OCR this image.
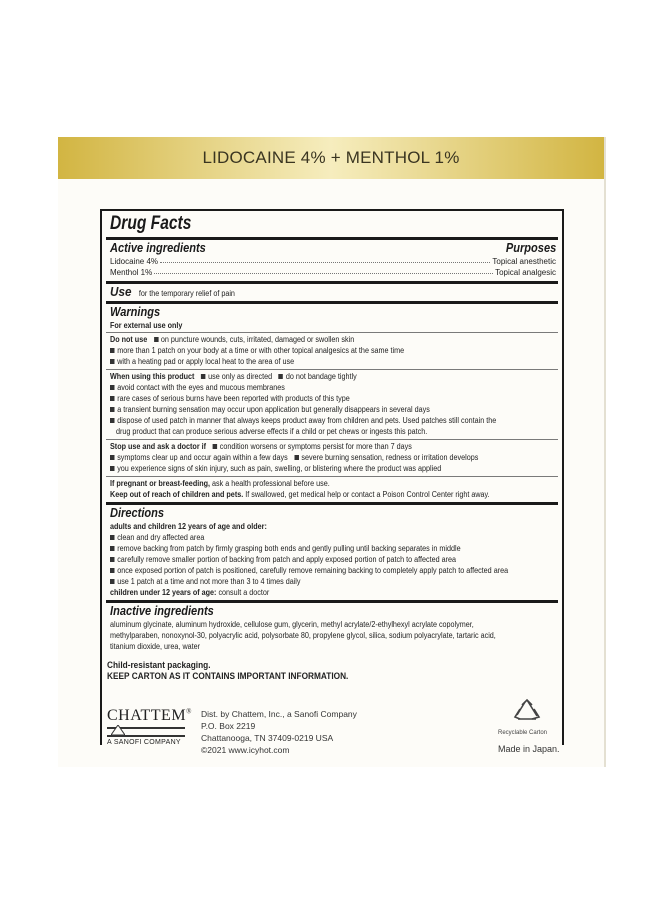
LIDOCAINE 4% + MENTHOL 1%
Drug Facts
Active ingredients	Purposes
Lidocaine 4%	Topical anesthetic
Menthol 1%	Topical analgesic
Use for the temporary relief of pain
Warnings
For external use only
Do not use on puncture wounds, cuts, irritated, damaged or swollen skin
more than 1 patch on your body at a time or with other topical analgesics at the same time
with a heating pad or apply local heat to the area of use
When using this product use only as directed do not bandage tightly
avoid contact with the eyes and mucous membranes
rare cases of serious burns have been reported with products of this type
a transient burning sensation may occur upon application but generally disappears in several days
dispose of used patch in manner that always keeps product away from children and pets. Used patches still contain the
drug product that can produce serious adverse effects if a child or pet chews or ingests this patch.
Stop use and ask a doctor if condition worsens or symptoms persist for more than 7 days
symptoms clear up and occur again within a few days severe burning sensation, redness or irritation develops
you experience signs of skin injury, such as pain, swelling, or blistering where the product was applied
If pregnant or breast-feeding, ask a health professional before use.
Keep out of reach of children and pets. If swallowed, get medical help or contact a Poison Control Center right away.
Directions
adults and children 12 years of age and older:
clean and dry affected area
remove backing from patch by firmly grasping both ends and gently pulling until backing separates in middle
carefully remove smaller portion of backing from patch and apply exposed portion of patch to affected area
once exposed portion of patch is positioned, carefully remove remaining backing to completely apply patch to affected area
use 1 patch at a time and not more than 3 to 4 times daily
children under 12 years of age: consult a doctor
Inactive ingredients
aluminum glycinate, aluminum hydroxide, cellulose gum, glycerin, methyl acrylate/2-ethylhexyl acrylate copolymer,
methylparaben, nonoxynol-30, polyacrylic acid, polysorbate 80, propylene glycol, silica, sodium polyacrylate, tartaric acid,
titanium dioxide, urea, water
Child-resistant packaging.
KEEP CARTON AS IT CONTAINS IMPORTANT INFORMATION.
CHATTEM®
A SANOFI COMPANY
Dist. by Chattem, Inc., a Sanofi Company
P.O. Box 2219
Chattanooga, TN 37409-0219 USA
©2021 www.icyhot.com
Recyclable Carton
Made in Japan.
